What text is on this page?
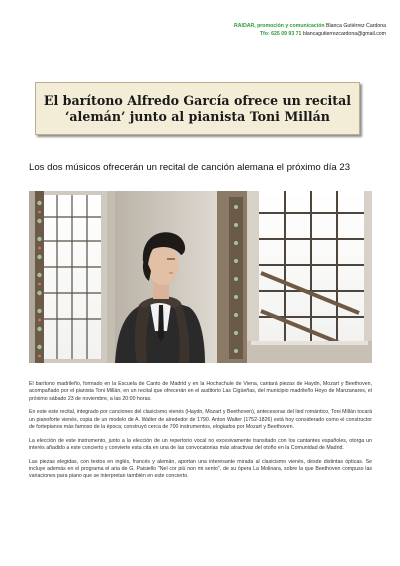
RAIDAR, promoción y comunicación Blanca Gutiérrez Cardona
Tfo: 625 09 93 71 blancagutierrezcardona@gmail.com
El barítono Alfredo García ofrece un recital
‘alemán’ junto al pianista Toni Millán
Los dos músicos ofrecerán un recital de canción alemana el próximo día 23

El barítono madrileño, formado en la Escuela de Canto de Madrid y en la Hochschule de Viena, cantará piezas de Haydn, Mozart y Beethoven, acompañado por el pianista Toni Millán, en un recital que ofrecerán en el auditorio Las Cigüeñas, del municipio madrileño Hoyo de Manzanares, el próximo sábado 23 de noviembre, a las 20:00 horas.

En este este recital, integrado por canciones del clasicismo vienés (Haydn, Mozart y Beethoven), antecesoras del lied romántico, Toni Millán tocará un pianoforte vienés, copia de un modelo de A. Walter de alrededor de 1790. Anton Walter (1752-1826) está hoy considerado como el constructor de fortepianos más famoso de la época; construyó cerca de 700 instrumentos, elogiados por Mozart y Beethoven.

La elección de este instrumento, junto a la elección de un repertorio vocal no excesivamente transitado con los cantantes españoles, otorga un interés añadido a este concierto y convierte esta cita en una de las convocatorias más atractivas del otoño en la Comunidad de Madrid.

Las piezas elegidas, con textos en inglés, francés y alemán, aportan una interesante mirada al clasicismo vienés, desde distintas ópticas. Se incluye además en el programa el aria de G. Paisiello "Nel cor più non mi sento", de su ópera La Molinara, sobre la que Beethoven compuso las variaciones para piano que se interpretan también en este concierto.
